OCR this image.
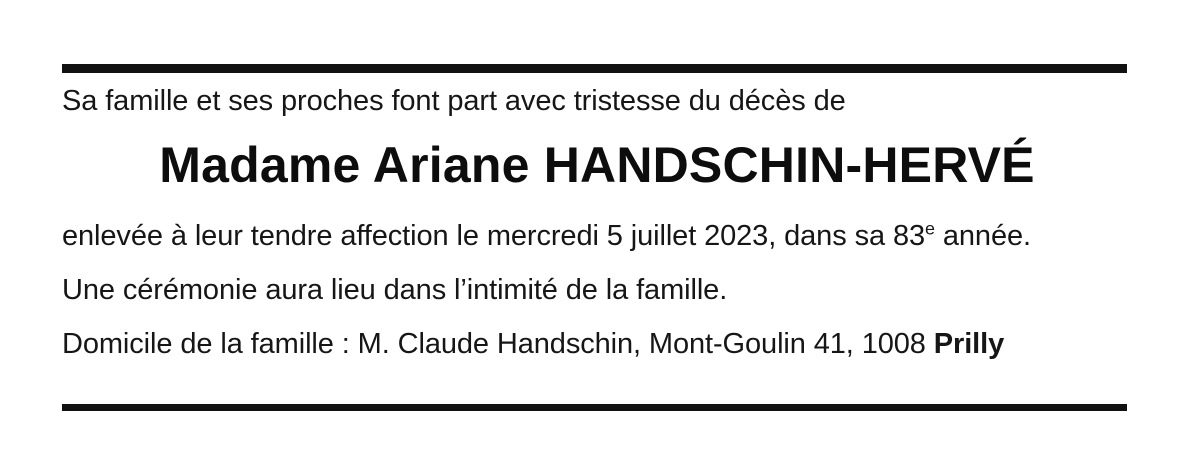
Sa famille et ses proches font part avec tristesse du décès de
Madame Ariane HANDSCHIN-HERVÉ
enlevée à leur tendre affection le mercredi 5 juillet 2023, dans sa 83e année.
Une cérémonie aura lieu dans l’intimité de la famille.
Domicile de la famille : M. Claude Handschin, Mont-Goulin 41, 1008 Prilly
